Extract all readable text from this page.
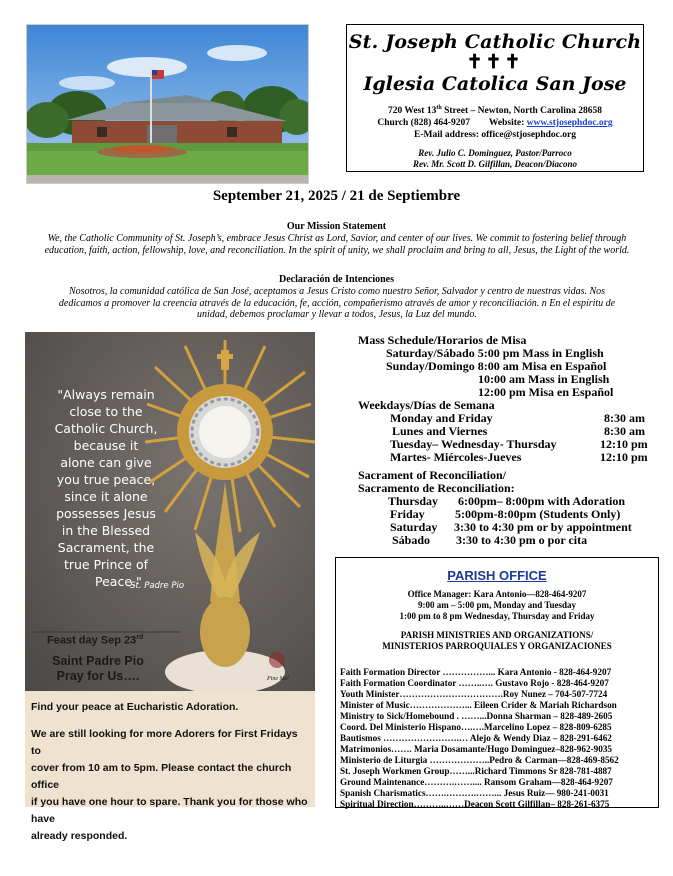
St. Joseph Catholic Church
✝✝✝
Iglesia Catolica San Jose
720 West 13th Street – Newton, North Carolina 28658
Church (828) 464-9207 Website: www.stjosephdoc.org
E-Mail address: office@stjosephdoc.org
Rev. Julio C. Dominguez, Pastor/Parroco
Rev. Mr. Scott D. Gilfillan, Deacon/Diacono
September 21, 2025 / 21 de Septiembre
Our Mission Statement
We, the Catholic Community of St. Joseph’s, embrace Jesus Christ as Lord, Savior, and center of our lives. We commit to fostering belief through education, faith, action, fellowship, love, and reconciliation. In the spirit of unity, we shall proclaim and bring to all, Jesus, the Light of the world.
Declaración de Intenciones
Nosotros, la comunidad católica de San José, aceptamos a Jesus Cristo como nuestro Señor, Salvador y centro de nuestras vidas. Nos dedicamos a promover la creencia através de la educación, fe, acción, compañerismo através de amor y reconciliación. n En el espíritu de unidad, debemos proclamar y llevar a todos, Jesus, la Luz del mundo.
"Always remain
close to the
Catholic Church,
because it
alone can give
you true peace,
since it alone
possesses Jesus
in the Blessed
Sacrament, the
true Prince of
Peace."
-St. Padre Pio
Feast day Sep 23rd
Saint Padre Pio
Pray for Us….	Pine Mel
Find your peace at Eucharistic Adoration.
We are still looking for more Adorers for First Fridays to
cover from 10 am to 5pm. Please contact the church office
if you have one hour to spare. Thank you for those who have
already responded.
Mass Schedule/Horarios de Misa
Saturday/Sábado 5:00 pm Mass in English
Sunday/Domingo 8:00 am Misa en Español
10:00 am Mass in English
12:00 pm Misa en Español
Weekdays/Días de Semana
Monday and Friday	8:30 am
Lunes and Viernes	8:30 am
Tuesday– Wednesday- Thursday	12:10 pm
Martes- Miércoles-Jueves	12:10 pm
Sacrament of Reconciliation/
Sacramento de Reconciliation:
Thursday 6:00pm– 8:00pm with Adoration
Friday	5:00pm-8:00pm (Students Only)
Saturday 3:30 to 4:30 pm or by appointment
Sábado 3:30 to 4:30 pm o por cita
PARISH OFFICE
Office Manager: Kara Antonio—828-464-9207
9:00 am – 5:00 pm, Monday and Tuesday
1:00 pm to 8 pm Wednesday, Thursday and Friday
PARISH MINISTRIES AND ORGANIZATIONS/
MINISTERIOS PARROQUIALES Y ORGANIZACIONES
Faith Formation Director ……………... Kara Antonio - 828-464-9207
Faith Formation Coordinator ……..…. Gustavo Rojo - 828-464-9207
Youth Minister…………………………….Roy Nunez – 704-507-7724
Minister of Music………………... Eileen Crider & Mariah Richardson
Ministry to Sick/Homebound . ……...Donna Sharman – 828-489-2605
Coord. Del Ministerio Hispano….….Marcelino Lopez – 828-809-6285
Bautismos …………………….… Alejo & Wendy Diaz – 828-291-6462
Matrimonios……. Maria Dosamante/Hugo Dominguez–828-962-9035
Ministerio de Liturgia ………………..Pedro & Carman—828-469-8562
St. Joseph Workmen Group……...Richard Timmons Sr 828-781-4887
Ground Maintenance……….…….... Ransom Graham—828-464-9207
Spanish Charismatics…….……….……... Jesus Ruiz— 980-241-0031
Spiritual Direction………..……Deacon Scott Gilfillan– 828-261-6375
